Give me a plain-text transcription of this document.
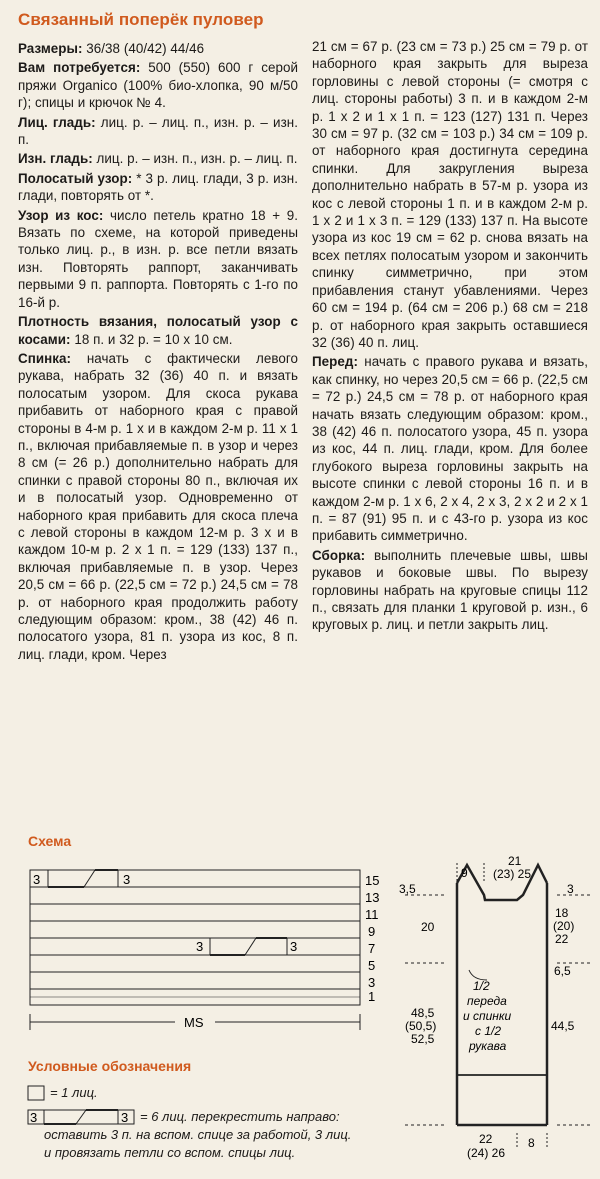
Связанный поперёк пуловер

Размеры: 36/38 (40/42) 44/46

Вам потребуется: 500 (550) 600 г серой пряжи Organico (100% био-хлопка, 90 м/50 г); спицы и крючок № 4.

Лиц. гладь: лиц. р. – лиц. п., изн. р. – изн. п.

Изн. гладь: лиц. р. – изн. п., изн. р. – лиц. п.

Полосатый узор: * 3 р. лиц. глади, 3 р. изн. глади, повторять от *.

Узор из кос: число петель кратно 18 + 9. Вязать по схеме, на которой приведены только лиц. р., в изн. р. все петли вязать изн. Повторять раппорт, заканчивать первыми 9 п. раппорта. Повторять с 1-го по 16-й р.

Плотность вязания, полосатый узор с косами: 18 п. и 32 р. = 10 х 10 см.

Спинка: начать с фактически левого рукава, набрать 32 (36) 40 п. и вязать полосатым узором. Для скоса рукава прибавить от наборного края с правой стороны в 4-м р. 1 х и в каждом 2-м р. 11 х 1 п., включая прибавляемые п. в узор и через 8 см (= 26 р.) дополнительно набрать для спинки с правой стороны 80 п., включая их и в полосатый узор. Одновременно от наборного края прибавить для скоса плеча с левой стороны в каждом 12-м р. 3 х и в каждом 10-м р. 2 х 1 п. = 129 (133) 137 п., включая прибавляемые п. в узор. Через 20,5 см = 66 р. (22,5 см = 72 р.) 24,5 см = 78 р. от наборного края продолжить работу следующим образом: кром., 38 (42) 46 п. полосатого узора, 81 п. узора из кос, 8 п. лиц. глади, кром. Через

21 см = 67 р. (23 см = 73 р.) 25 см = 79 р. от наборного края закрыть для выреза горловины с левой стороны (= смотря с лиц. стороны работы) 3 п. и в каждом 2-м р. 1 х 2 и 1 х 1 п. = 123 (127) 131 п. Через 30 см = 97 р. (32 см = 103 р.) 34 см = 109 р. от наборного края достигнута середина спинки. Для закругления выреза дополнительно набрать в 57-м р. узора из кос с левой стороны 1 п. и в каждом 2-м р. 1 х 2 и 1 х 3 п. = 129 (133) 137 п. На высоте узора из кос 19 см = 62 р. снова вязать на всех петлях полосатым узором и закончить спинку симметрично, при этом прибавления станут убавлениями. Через 60 см = 194 р. (64 см = 206 р.) 68 см = 218 р. от наборного края закрыть оставшиеся 32 (36) 40 п. лиц.

Перед: начать с правого рукава и вязать, как спинку, но через 20,5 см = 66 р. (22,5 см = 72 р.) 24,5 см = 78 р. от наборного края начать вязать следующим образом: кром., 38 (42) 46 п. полосатого узора, 45 п. узора из кос, 44 п. лиц. глади, кром. Для более глубокого выреза горловины закрыть на высоте спинки с левой стороны 16 п. и в каждом 2-м р. 1 х 6, 2 х 4, 2 х 3, 2 х 2 и 2 х 1 п. = 87 (91) 95 п. и с 43-го р. узора из кос прибавить симметрично.

Сборка: выполнить плечевые швы, швы рукавов и боковые швы. По вырезу горловины набрать на круговые спицы 112 п., связать для планки 1 круговой р. изн., 6 круговых р. лиц. и петли закрыть лиц.

Схема
3	3
3	3
15
13
11
9
7
5
3
1
MS
Условные обозначения
3	3
= 1 лиц.
= 6 лиц. перекрестить направо:
оставить 3 п. на вспом. спице за работой, 3 лиц.
и провязать петли со вспом. спицы лиц.
9
21
(23) 25
3
3,5
20
18
(20)
22
6,5
1/2
переда
и спинки
с 1/2
рукава
48,5
(50,5)
52,5
44,5
22
(24) 26
8
